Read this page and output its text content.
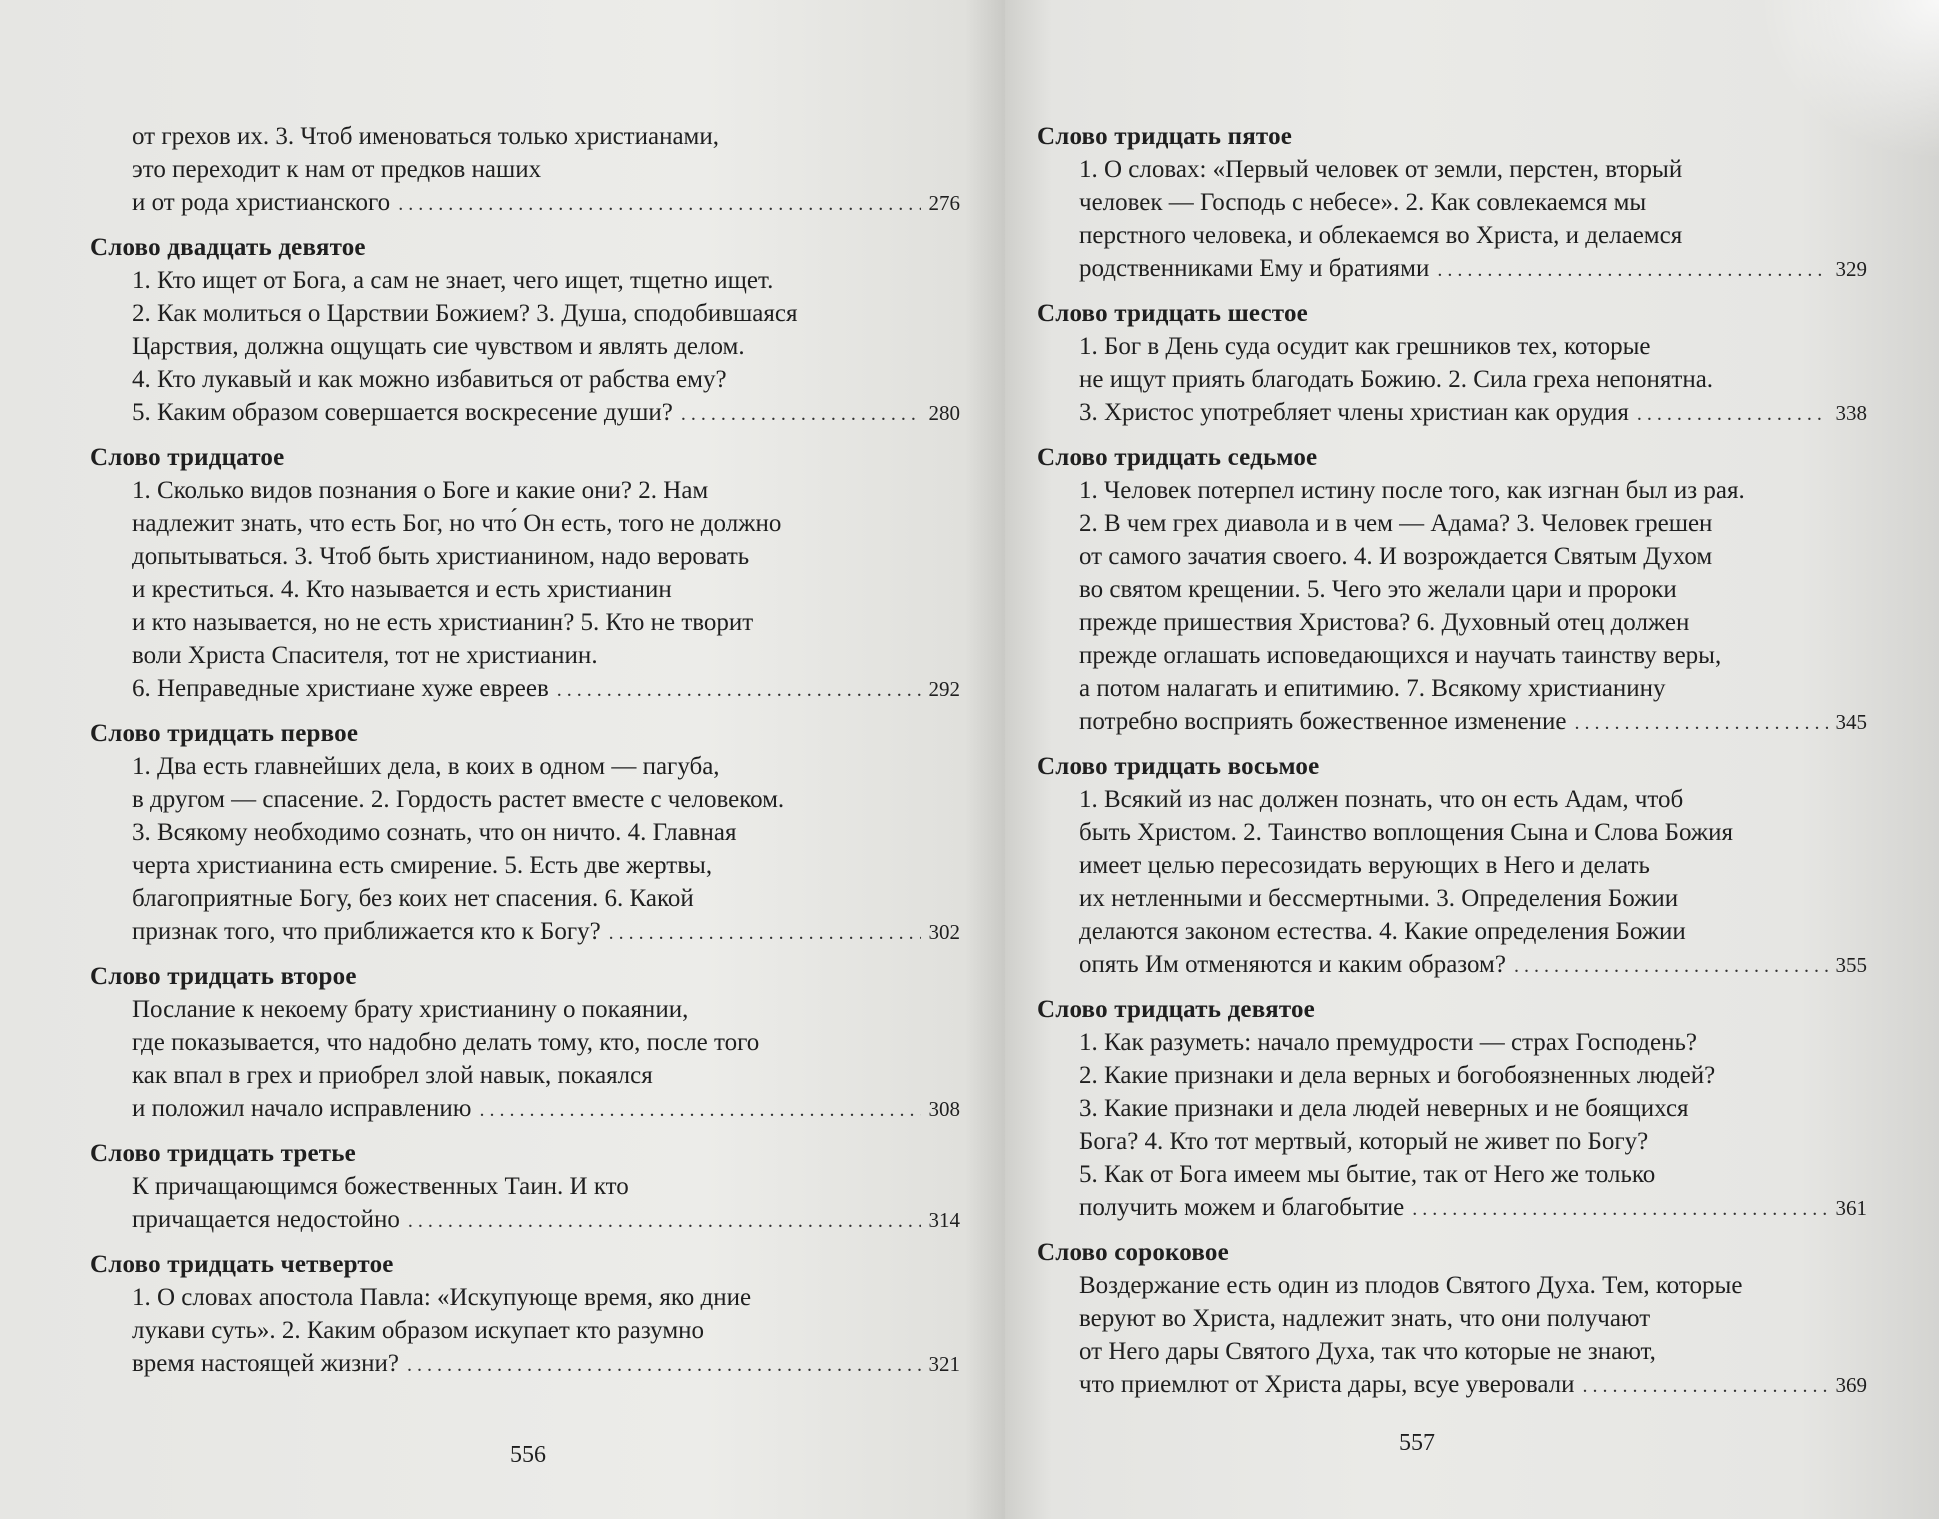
от грехов их. 3. Чтоб именоваться только христианами,
это переходит к нам от предков наших
и от рода христианского . . .	276
Слово двадцать девятое
1. Кто ищет от Бога, а сам не знает, чего ищет, тщетно ищет.
2. Как молиться о Царствии Божием? 3. Душа, сподобившаяся
Царствия, должна ощущать сие чувством и являть делом.
4. Кто лукавый и как можно избавиться от рабства ему?
5. Каким образом совершается воскресение души? . . .	280
Слово тридцатое
1. Сколько видов познания о Боге и какие они? 2. Нам
надлежит знать, что есть Бог, но что́ Он есть, того не должно
допытываться. 3. Чтоб быть христианином, надо веровать
и креститься. 4. Кто называется и есть христианин
и кто называется, но не есть христианин? 5. Кто не творит
воли Христа Спасителя, тот не христианин.
6. Неправедные христиане хуже евреев . . .	292
Слово тридцать первое
1. Два есть главнейших дела, в коих в одном — пагуба,
в другом — спасение. 2. Гордость растет вместе с человеком.
3. Всякому необходимо сознать, что он ничто. 4. Главная
черта христианина есть смирение. 5. Есть две жертвы,
благоприятные Богу, без коих нет спасения. 6. Какой
признак того, что приближается кто к Богу? . . .	302
Слово тридцать второе
Послание к некоему брату христианину о покаянии,
где показывается, что надобно делать тому, кто, после того
как впал в грех и приобрел злой навык, покаялся
и положил начало исправлению . . .	308
Слово тридцать третье
К причащающимся божественных Таин. И кто
причащается недостойно . . .	314
Слово тридцать четвертое
1. О словах апостола Павла: «Искупующе время, яко дние
лукави суть». 2. Каким образом искупает кто разумно
время настоящей жизни? . . .	321
556
Слово тридцать пятое
1. О словах: «Первый человек от земли, перстен, вторый
человек — Господь с небесе». 2. Как совлекаемся мы
перстного человека, и облекаемся во Христа, и делаемся
родственниками Ему и братиями . . .	329
Слово тридцать шестое
1. Бог в День суда осудит как грешников тех, которые
не ищут приять благодать Божию. 2. Сила греха непонятна.
3. Христос употребляет члены христиан как орудия . . .	338
Слово тридцать седьмое
1. Человек потерпел истину после того, как изгнан был из рая.
2. В чем грех диавола и в чем — Адама? 3. Человек грешен
от самого зачатия своего. 4. И возрождается Святым Духом
во святом крещении. 5. Чего это желали цари и пророки
прежде пришествия Христова? 6. Духовный отец должен
прежде оглашать исповедающихся и научать таинству веры,
а потом налагать и епитимию. 7. Всякому христианину
потребно восприять божественное изменение . . .	345
Слово тридцать восьмое
1. Всякий из нас должен познать, что он есть Адам, чтоб
быть Христом. 2. Таинство воплощения Сына и Слова Божия
имеет целью пересозидать верующих в Него и делать
их нетленными и бессмертными. 3. Определения Божии
делаются законом естества. 4. Какие определения Божии
опять Им отменяются и каким образом? . . .	355
Слово тридцать девятое
1. Как разуметь: начало премудрости — страх Господень?
2. Какие признаки и дела верных и богобоязненных людей?
3. Какие признаки и дела людей неверных и не боящихся
Бога? 4. Кто тот мертвый, который не живет по Богу?
5. Как от Бога имеем мы бытие, так от Него же только
получить можем и благобытие . . .	361
Слово сороковое
Воздержание есть один из плодов Святого Духа. Тем, которые
веруют во Христа, надлежит знать, что они получают
от Него дары Святого Духа, так что которые не знают,
что приемлют от Христа дары, всуе уверовали . . .	369
557
